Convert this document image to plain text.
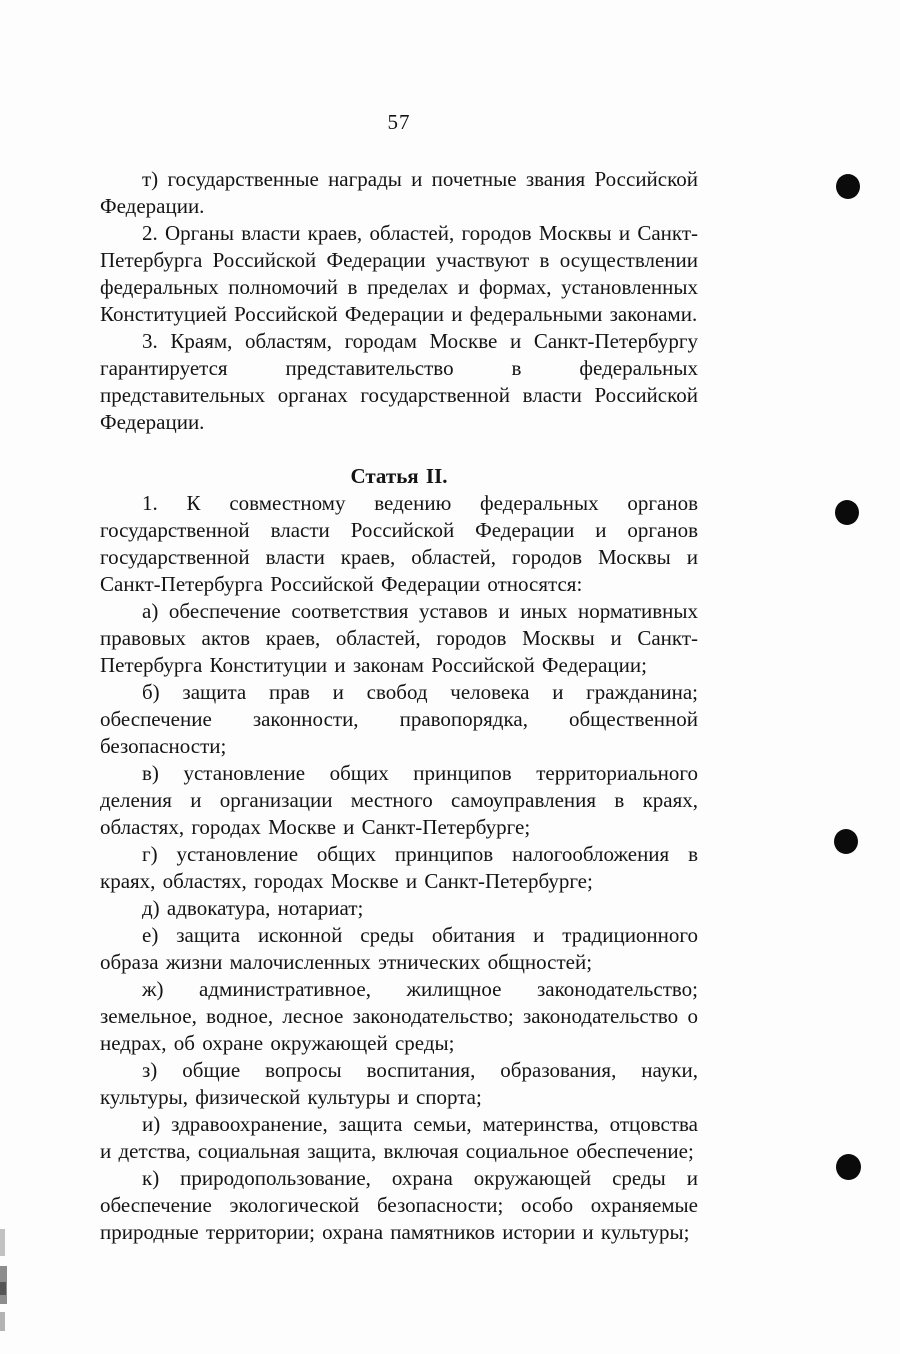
57

т) государственные награды и почетные звания Российской Федерации.

2. Органы власти краев, областей, городов Москвы и Санкт-Петербурга Российской Федерации участвуют в осуществлении федеральных полномочий в пределах и формах, установленных Конституцией Российской Федерации и федеральными законами.

3. Краям, областям, городам Москве и Санкт-Петербургу гарантируется представительство в федеральных представительных органах государственной власти Российской Федерации.

Статья II.

1. К совместному ведению федеральных органов государственной власти Российской Федерации и органов государственной власти краев, областей, городов Москвы и Санкт-Петербурга Российской Федерации относятся:

а) обеспечение соответствия уставов и иных нормативных правовых актов краев, областей, городов Москвы и Санкт-Петербурга Конституции и законам Российской Федерации;

б) защита прав и свобод человека и гражданина; обеспечение законности, правопорядка, общественной безопасности;

в) установление общих принципов территориального деления и организации местного самоуправления в краях, областях, городах Москве и Санкт-Петербурге;

г) установление общих принципов налогообложения в краях, областях, городах Москве и Санкт-Петербурге;

д) адвокатура, нотариат;

е) защита исконной среды обитания и традиционного образа жизни малочисленных этнических общностей;

ж) административное, жилищное законодательство; земельное, водное, лесное законодательство; законодательство о недрах, об охране окружающей среды;

з) общие вопросы воспитания, образования, науки, культуры, физической культуры и спорта;

и) здравоохранение, защита семьи, материнства, отцовства и детства, социальная защита, включая социальное обеспечение;

к) природопользование, охрана окружающей среды и обеспечение экологической безопасности; особо охраняемые природные территории; охрана памятников истории и культуры;
